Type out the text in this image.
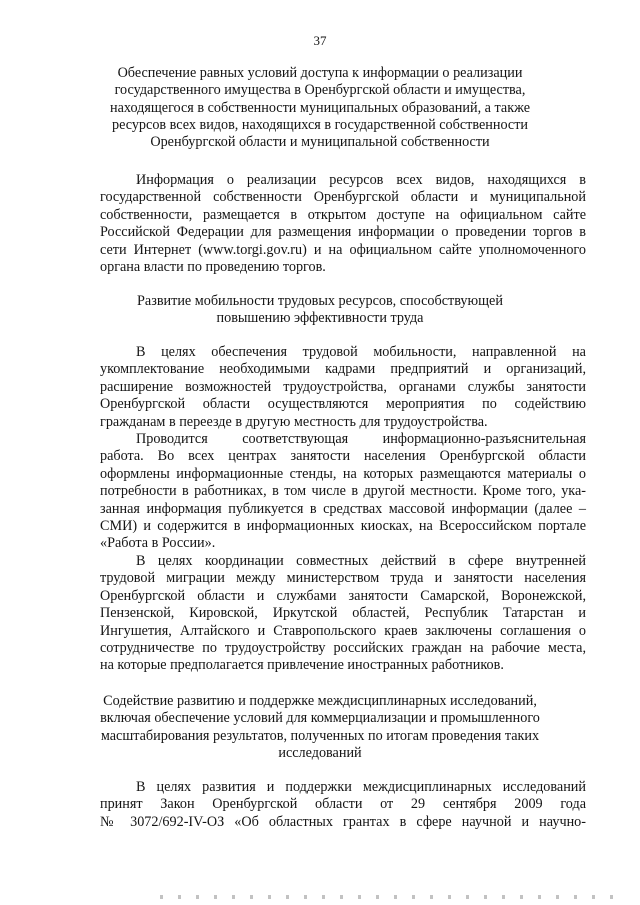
37
Обеспечение равных условий доступа к информации о реализации
государственного имущества в Оренбургской области и имущества,
находящегося в собственности муниципальных образований, а также
ресурсов всех видов, находящихся в государственной собственности
Оренбургской области и муниципальной собственности
Информация о реализации ресурсов всех видов, находящихся в
государственной собственности Оренбургской области и муниципальной
собственности, размещается в открытом доступе на официальном сайте
Российской Федерации для размещения информации о проведении торгов в
сети Интернет (www.torgi.gov.ru) и на официальном сайте уполномоченного
органа власти по проведению торгов.
Развитие мобильности трудовых ресурсов, способствующей
повышению эффективности труда
В целях обеспечения трудовой мобильности, направленной на
укомплектование необходимыми кадрами предприятий и организаций,
расширение возможностей трудоустройства, органами службы занятости
Оренбургской области осуществляются мероприятия по содействию
гражданам в переезде в другую местность для трудоустройства.
Проводится соответствующая информационно-разъяснительная
работа. Во всех центрах занятости населения Оренбургской области
оформлены информационные стенды, на которых размещаются материалы о
потребности в работниках, в том числе в другой местности. Кроме того, ука-
занная информация публикуется в средствах массовой информации (далее –
СМИ) и содержится в информационных киосках, на Всероссийском портале
«Работа в России».
В целях координации совместных действий в сфере внутренней
трудовой миграции между министерством труда и занятости населения
Оренбургской области и службами занятости Самарской, Воронежской,
Пензенской, Кировской, Иркутской областей, Республик Татарстан и
Ингушетия, Алтайского и Ставропольского краев заключены соглашения о
сотрудничестве по трудоустройству российских граждан на рабочие места,
на которые предполагается привлечение иностранных работников.
Содействие развитию и поддержке междисциплинарных исследований,
включая обеспечение условий для коммерциализации и промышленного
масштабирования результатов, полученных по итогам проведения таких
исследований
В целях развития и поддержки междисциплинарных исследований
принят Закон Оренбургской области от 29 сентября 2009 года
№ 3072/692-IV-ОЗ «Об областных грантах в сфере научной и научно-
